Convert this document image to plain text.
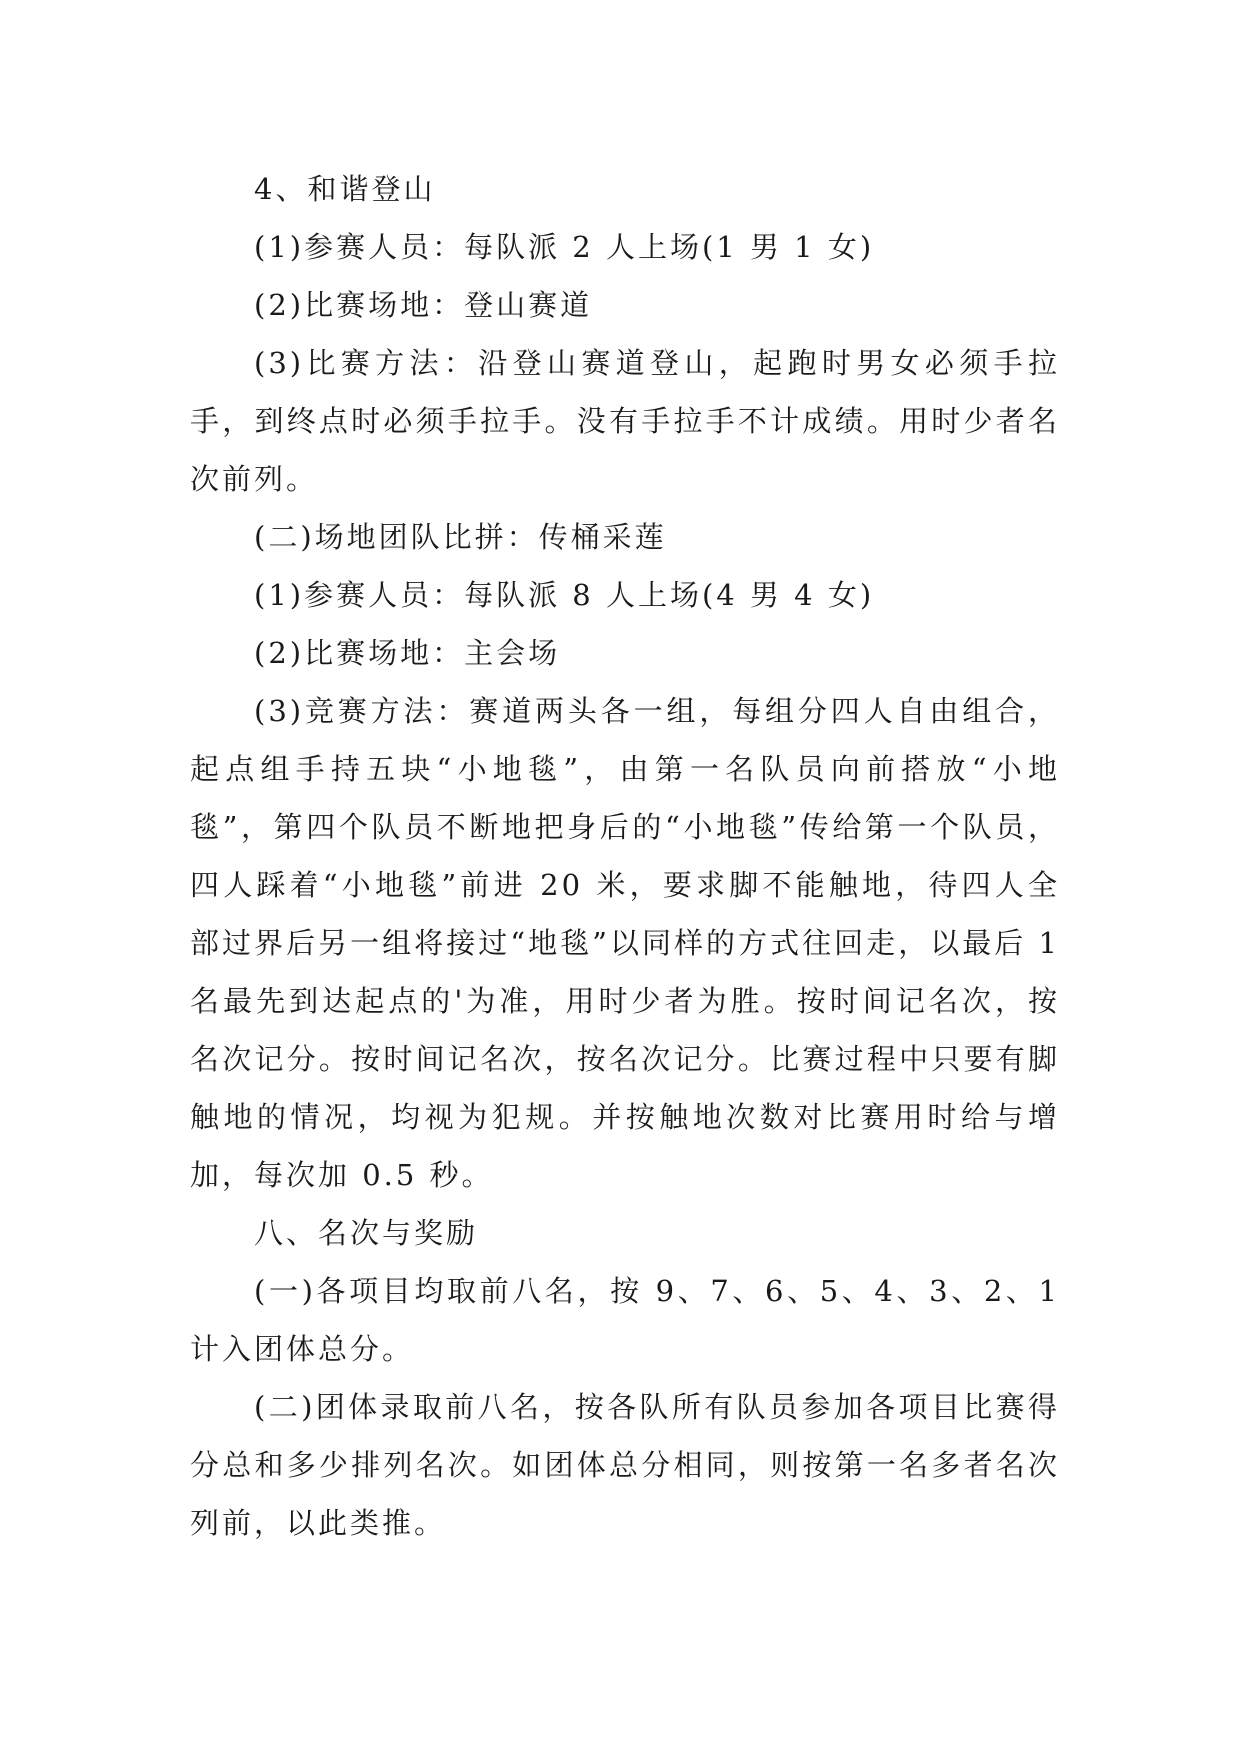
4、和谐登山

(1)参赛人员：每队派 2 人上场(1 男 1 女)

(2)比赛场地：登山赛道

(3)比赛方法：沿登山赛道登山，起跑时男女必须手拉手，到终点时必须手拉手。没有手拉手不计成绩。用时少者名次前列。

(二)场地团队比拼：传桶采莲

(1)参赛人员：每队派 8 人上场(4 男 4 女)

(2)比赛场地：主会场

(3)竞赛方法：赛道两头各一组，每组分四人自由组合，起点组手持五块“小地毯”，由第一名队员向前搭放“小地毯”，第四个队员不断地把身后的“小地毯”传给第一个队员，四人踩着“小地毯”前进 20 米，要求脚不能触地，待四人全部过界后另一组将接过“地毯”以同样的方式往回走，以最后 1 名最先到达起点的'为准，用时少者为胜。按时间记名次，按名次记分。按时间记名次，按名次记分。比赛过程中只要有脚触地的情况，均视为犯规。并按触地次数对比赛用时给与增加，每次加 0.5 秒。

八、名次与奖励

(一)各项目均取前八名，按 9、7、6、5、4、3、2、1 计入团体总分。

(二)团体录取前八名，按各队所有队员参加各项目比赛得分总和多少排列名次。如团体总分相同，则按第一名多者名次列前，以此类推。
